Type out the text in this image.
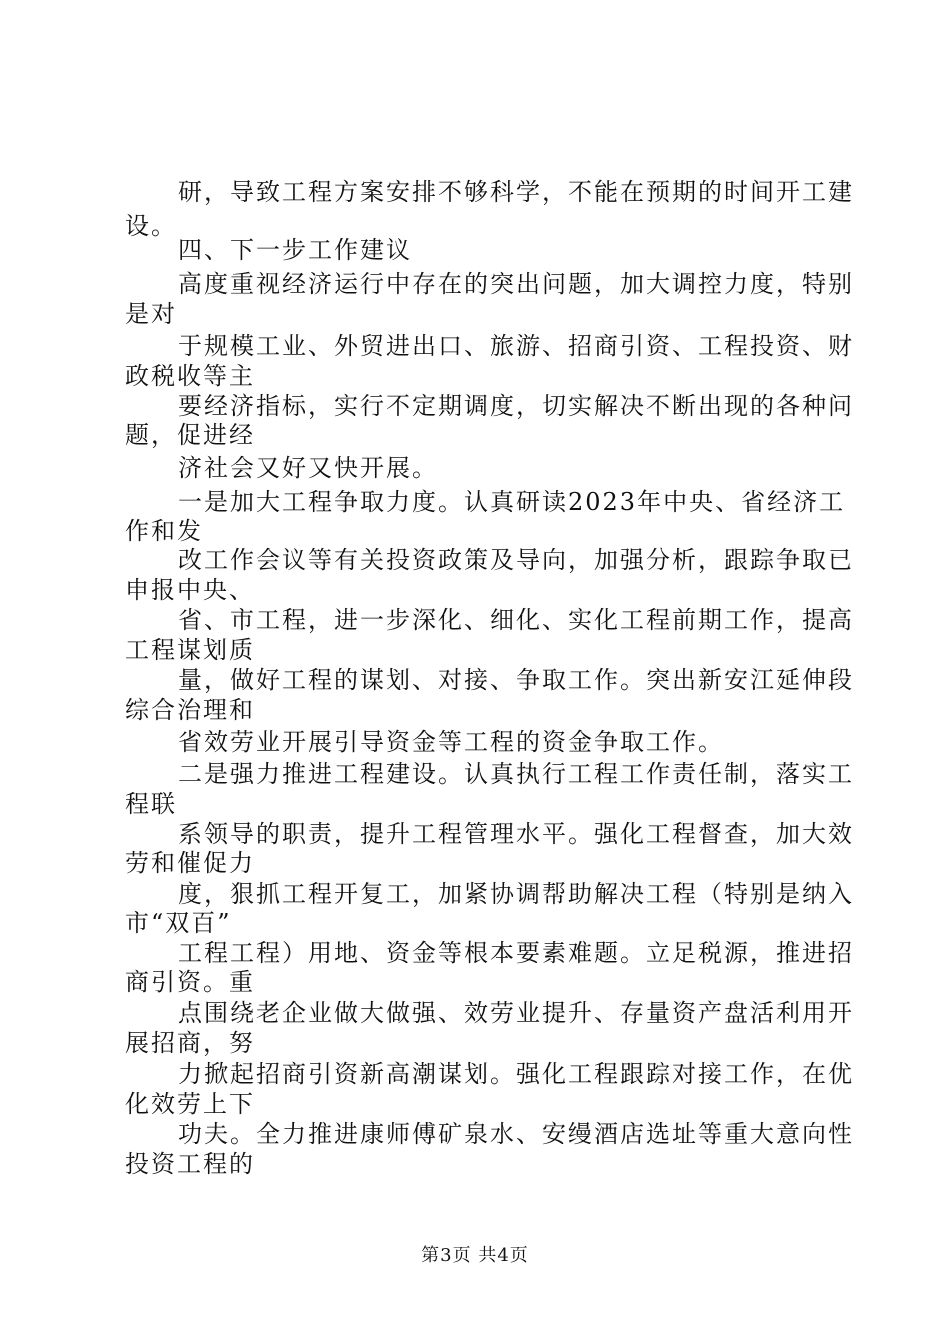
研，导致工程方案安排不够科学，不能在预期的时间开工建
设。
四、下一步工作建议
高度重视经济运行中存在的突出问题，加大调控力度，特别
是对
于规模工业、外贸进出口、旅游、招商引资、工程投资、财
政税收等主
要经济指标，实行不定期调度，切实解决不断出现的各种问
题，促进经
济社会又好又快开展。
一是加大工程争取力度。认真研读2023年中央、省经济工
作和发
改工作会议等有关投资政策及导向，加强分析，跟踪争取已
申报中央、
省、市工程，进一步深化、细化、实化工程前期工作，提高
工程谋划质
量，做好工程的谋划、对接、争取工作。突出新安江延伸段
综合治理和
省效劳业开展引导资金等工程的资金争取工作。
二是强力推进工程建设。认真执行工程工作责任制，落实工
程联
系领导的职责，提升工程管理水平。强化工程督查，加大效
劳和催促力
度，狠抓工程开复工，加紧协调帮助解决工程（特别是纳入
市“双百”
工程工程）用地、资金等根本要素难题。立足税源，推进招
商引资。重
点围绕老企业做大做强、效劳业提升、存量资产盘活利用开
展招商，努
力掀起招商引资新高潮谋划。强化工程跟踪对接工作，在优
化效劳上下
功夫。全力推进康师傅矿泉水、安缦酒店选址等重大意向性
投资工程的
第3页 共4页
